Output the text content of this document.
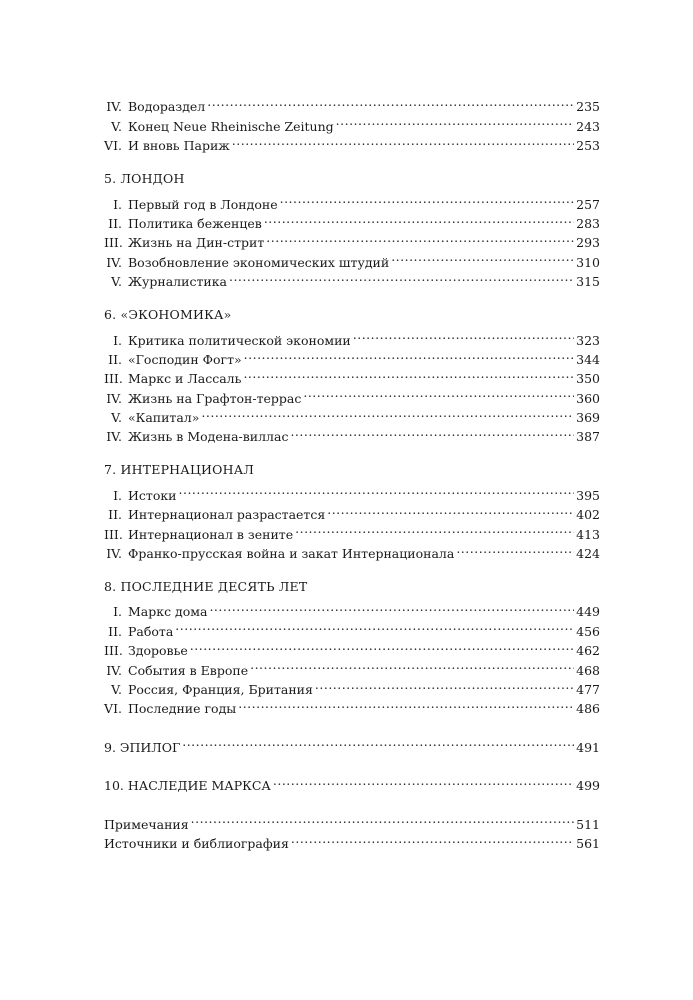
IV. Водораздел .....	235
V. Конец Neue Rheinische Zeitung .....	243
VI. И вновь Париж .....	253
5. ЛОНДОН
I. Первый год в Лондоне .....	257
II. Политика беженцев .....	283
III. Жизнь на Дин-стрит .....	293
IV. Возобновление экономических штудий .....	310
V. Журналистика .....	315
6. «ЭКОНОМИКА»
I. Критика политической экономии .....	323
II. «Господин Фогт» .....	344
III. Маркс и Лассаль .....	350
IV. Жизнь на Графтон-террас .....	360
V. «Капитал» .....	369
IV. Жизнь в Модена-виллас .....	387
7. ИНТЕРНАЦИОНАЛ
I. Истоки .....	395
II. Интернационал разрастается .....	402
III. Интернационал в зените .....	413
IV. Франко-прусская война и закат Интернационала .....	424
8. ПОСЛЕДНИЕ ДЕСЯТЬ ЛЕТ
I. Маркс дома .....	449
II. Работа .....	456
III. Здоровье .....	462
IV. События в Европе .....	468
V. Россия, Франция, Британия .....	477
VI. Последние годы .....	486
9. ЭПИЛОГ .....	491
10. НАСЛЕДИЕ МАРКСА .....	499
Примечания .....	511
Источники и библиография .....	561
